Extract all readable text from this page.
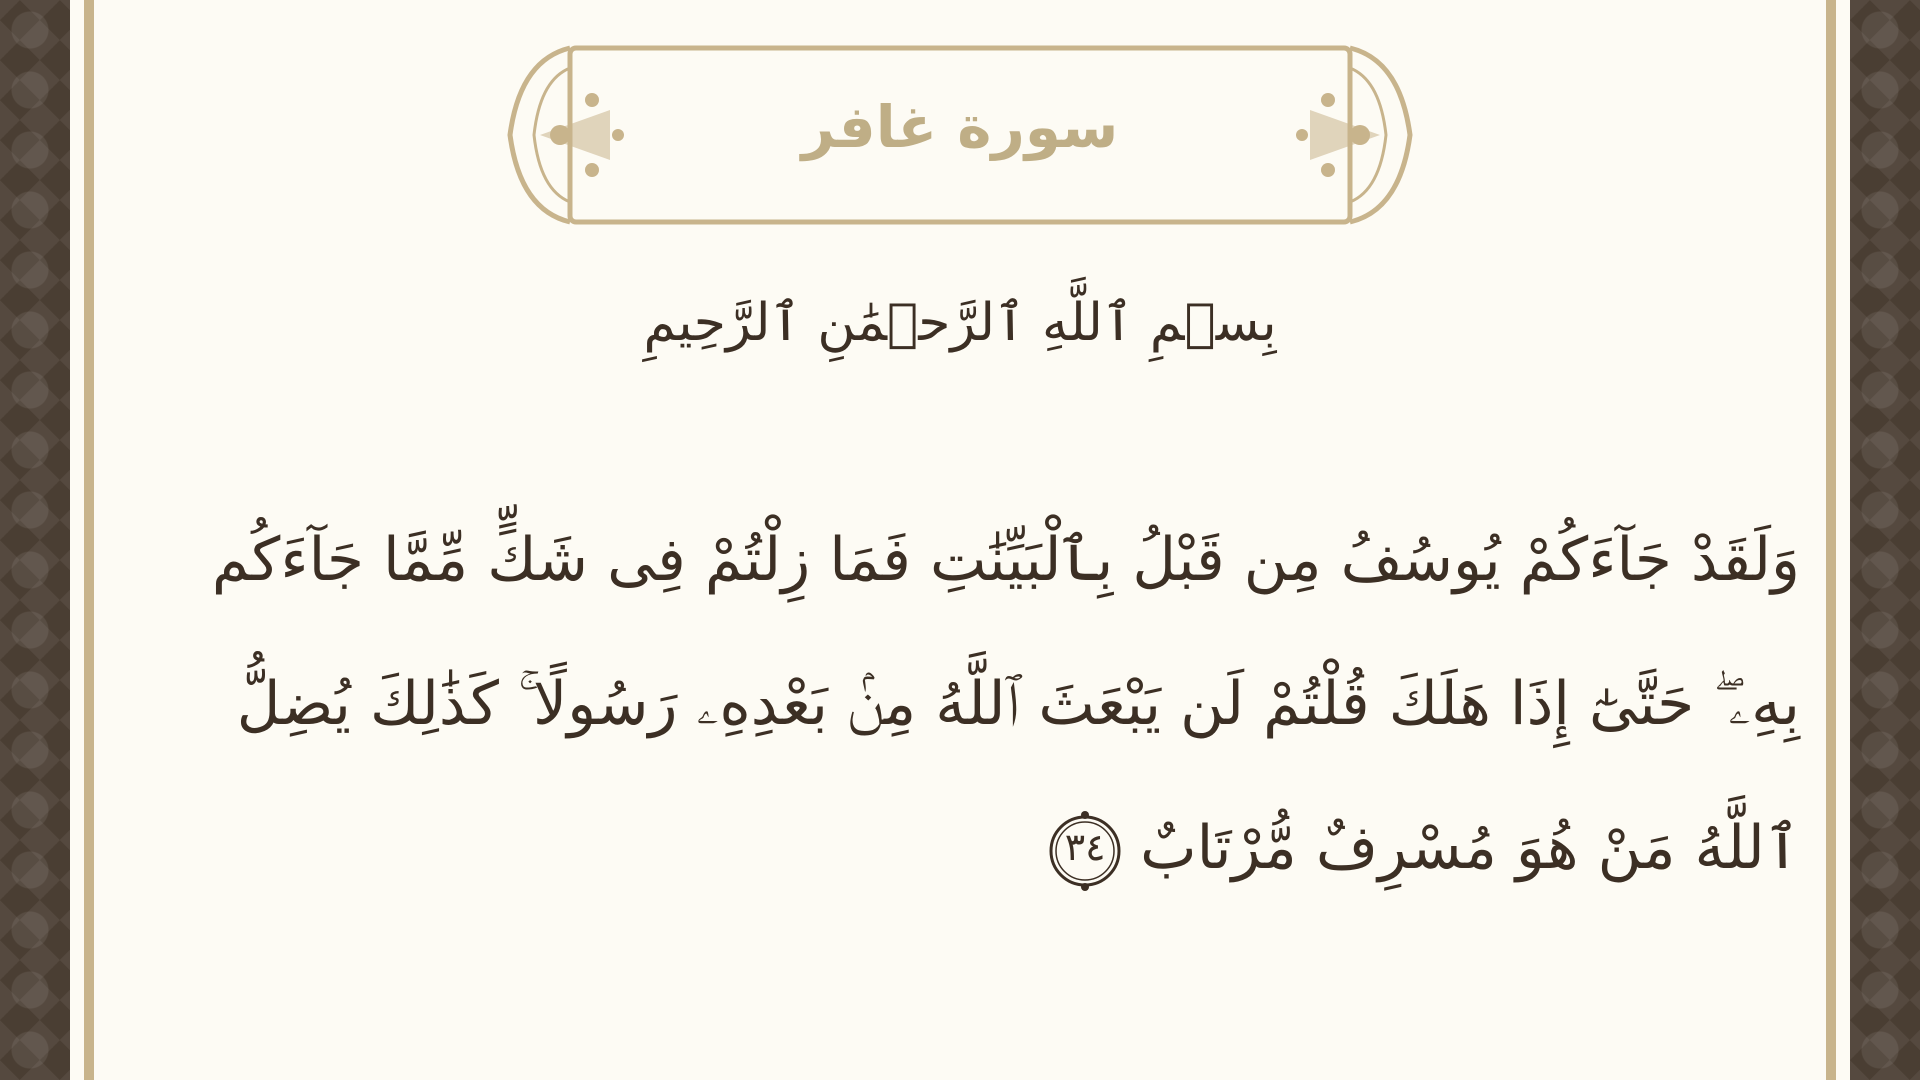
سورة غافر
بِسۡمِ ٱللَّهِ ٱلرَّحۡمَٰنِ ٱلرَّحِيمِ
وَلَقَدْ جَآءَكُمْ يُوسُفُ مِن قَبْلُ بِٱلْبَيِّنَٰتِ فَمَا زِلْتُمْ فِى شَكٍّ مِّمَّا جَآءَكُم
بِهِۦ ۖ حَتَّىٰٓ إِذَا هَلَكَ قُلْتُمْ لَن يَبْعَثَ ٱللَّهُ مِنۢ بَعْدِهِۦ رَسُولًا ۚ كَذَٰلِكَ يُضِلُّ
ٱللَّهُ مَنْ هُوَ مُسْرِفٌ مُّرْتَابٌ
٣٤
